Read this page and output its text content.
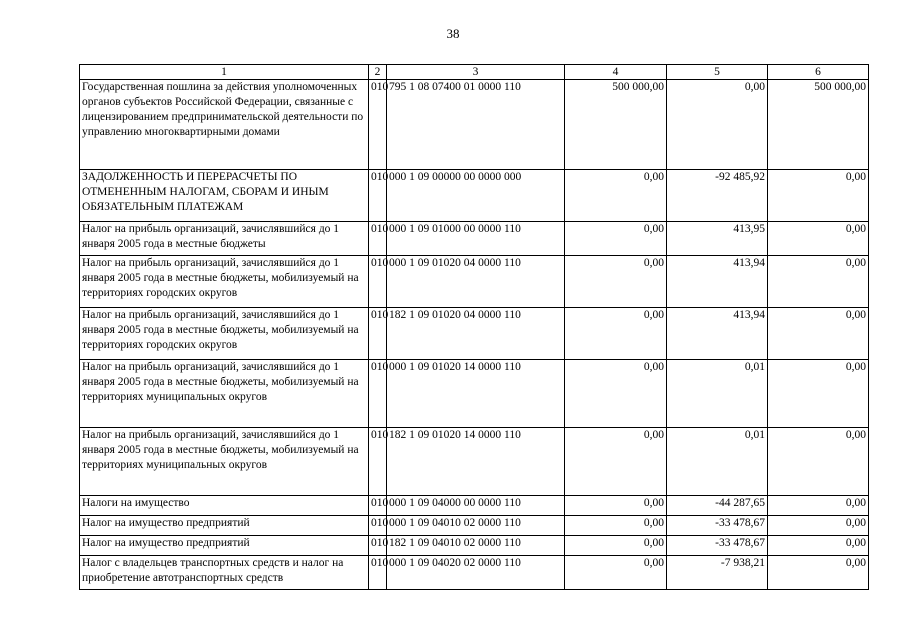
38
1	2	3	4	5	6
Государственная пошлина за действия уполномоченных органов субъектов Российской Федерации, связанные с лицензированием предпринимательской деятельности по управлению многоквартирными домами	010	795 1 08 07400 01 0000 110	500 000,00	0,00	500 000,00
ЗАДОЛЖЕННОСТЬ И ПЕРЕРАСЧЕТЫ ПО ОТМЕНЕННЫМ НАЛОГАМ, СБОРАМ И ИНЫМ ОБЯЗАТЕЛЬНЫМ ПЛАТЕЖАМ	010	000 1 09 00000 00 0000 000	0,00	-92 485,92	0,00
Налог на прибыль организаций, зачислявшийся до 1 января 2005 года в местные бюджеты	010	000 1 09 01000 00 0000 110	0,00	413,95	0,00
Налог на прибыль организаций, зачислявшийся до 1 января 2005 года в местные бюджеты, мобилизуемый на территориях городских округов	010	000 1 09 01020 04 0000 110	0,00	413,94	0,00
Налог на прибыль организаций, зачислявшийся до 1 января 2005 года в местные бюджеты, мобилизуемый на территориях городских округов	010	182 1 09 01020 04 0000 110	0,00	413,94	0,00
Налог на прибыль организаций, зачислявшийся до 1 января 2005 года в местные бюджеты, мобилизуемый на территориях муниципальных округов	010	000 1 09 01020 14 0000 110	0,00	0,01	0,00
Налог на прибыль организаций, зачислявшийся до 1 января 2005 года в местные бюджеты, мобилизуемый на территориях муниципальных округов	010	182 1 09 01020 14 0000 110	0,00	0,01	0,00
Налоги на имущество	010	000 1 09 04000 00 0000 110	0,00	-44 287,65	0,00
Налог на имущество предприятий	010	000 1 09 04010 02 0000 110	0,00	-33 478,67	0,00
Налог на имущество предприятий	010	182 1 09 04010 02 0000 110	0,00	-33 478,67	0,00
Налог с владельцев транспортных средств и налог на приобретение автотранспортных средств	010	000 1 09 04020 02 0000 110	0,00	-7 938,21	0,00
